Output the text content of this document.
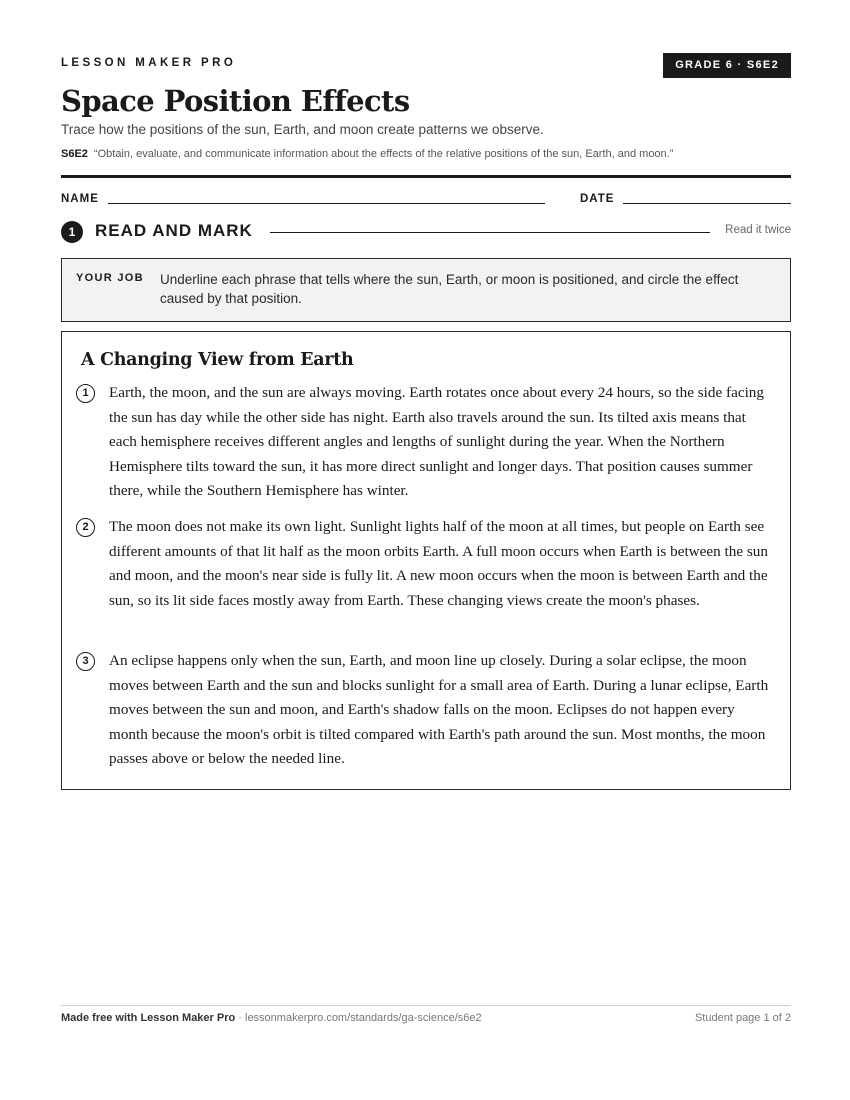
LESSON MAKER PRO	GRADE 6 · S6E2
Space Position Effects
Trace how the positions of the sun, Earth, and moon create patterns we observe.
S6E2 “Obtain, evaluate, and communicate information about the effects of the relative positions of the sun, Earth, and moon.”
NAME	DATE
1	READ AND MARK	Read it twice
YOUR JOB Underline each phrase that tells where the sun, Earth, or moon is positioned, and circle the effect caused by that position.
A Changing View from Earth
1	Earth, the moon, and the sun are always moving. Earth rotates once about every 24 hours, so the side facing the sun has day while the other side has night. Earth also travels around the sun. Its tilted axis means that each hemisphere receives different angles and lengths of sunlight during the year. When the Northern Hemisphere tilts toward the sun, it has more direct sunlight and longer days. That position causes summer there, while the Southern Hemisphere has winter.

2	The moon does not make its own light. Sunlight lights half of the moon at all times, but people on Earth see different amounts of that lit half as the moon orbits Earth. A full moon occurs when Earth is between the sun and moon, and the moon's near side is fully lit. A new moon occurs when the moon is between Earth and the sun, so its lit side faces mostly away from Earth. These changing views create the moon's phases.

3	An eclipse happens only when the sun, Earth, and moon line up closely. During a solar eclipse, the moon moves between Earth and the sun and blocks sunlight for a small area of Earth. During a lunar eclipse, Earth moves between the sun and moon, and Earth's shadow falls on the moon. Eclipses do not happen every month because the moon's orbit is tilted compared with Earth's path around the sun. Most months, the moon passes above or below the needed line.

Made free with Lesson Maker Pro · lessonmakerpro.com/standards/ga-science/s6e2	Student page 1 of 2
